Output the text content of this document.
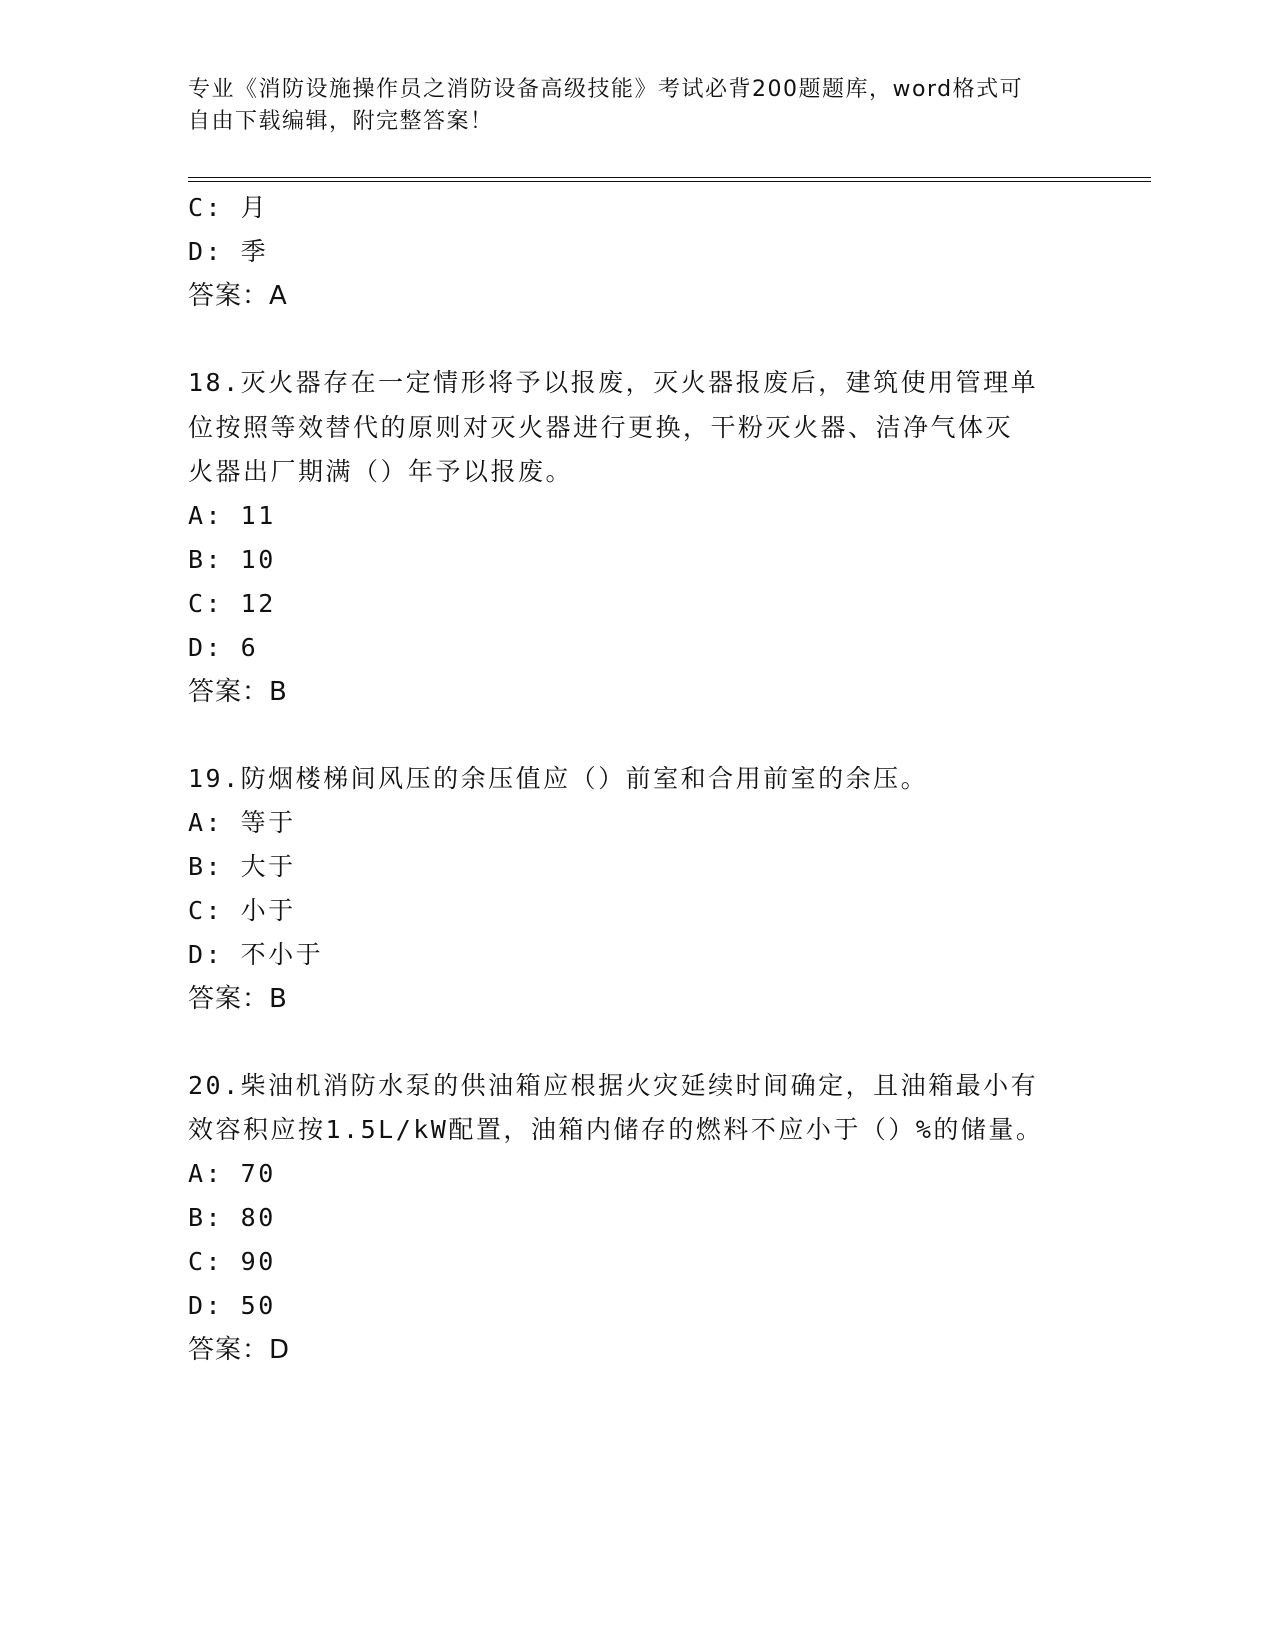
专业《消防设施操作员之消防设备高级技能》考试必背200题题库，word格式可
自由下载编辑，附完整答案！
C: 月
D: 季
答案：A
18.灭火器存在一定情形将予以报废，灭火器报废后，建筑使用管理单
位按照等效替代的原则对灭火器进行更换，干粉灭火器、洁净气体灭
火器出厂期满（）年予以报废。
A: 11
B: 10
C: 12
D: 6
答案：B
19.防烟楼梯间风压的余压值应（）前室和合用前室的余压。
A: 等于
B: 大于
C: 小于
D: 不小于
答案：B
20.柴油机消防水泵的供油箱应根据火灾延续时间确定，且油箱最小有
效容积应按1.5L/kW配置，油箱内储存的燃料不应小于（）%的储量。
A: 70
B: 80
C: 90
D: 50
答案：D
